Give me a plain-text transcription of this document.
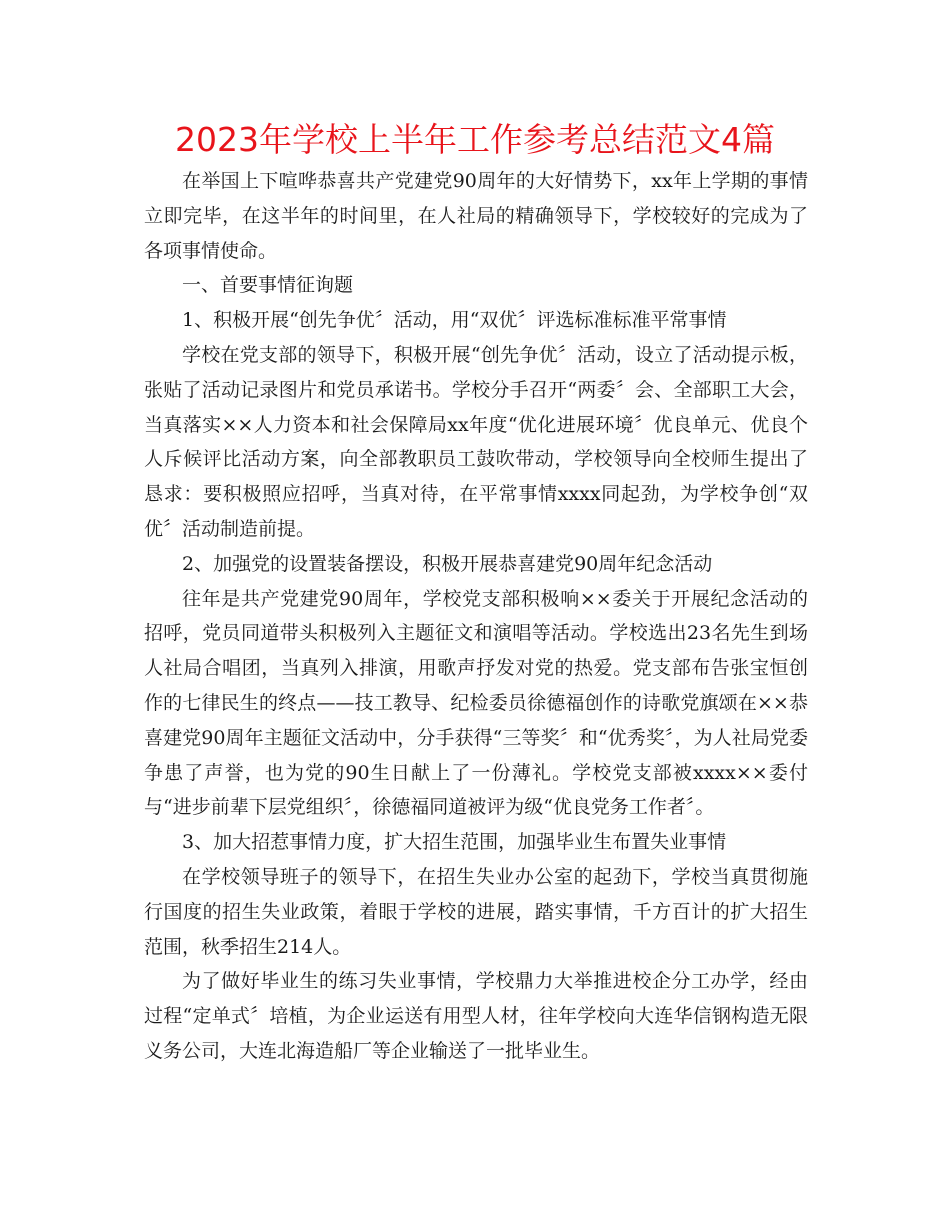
2023年学校上半年工作参考总结范文4篇

在举国上下喧哗恭喜共产党建党90周年的大好情势下，xx年上学期的事情立即完毕，在这半年的时间里，在人社局的精确领导下，学校较好的完成为了各项事情使命。

一、首要事情征询题

1、积极开展“创先争优〞活动，用“双优〞评选标准标准平常事情

学校在党支部的领导下，积极开展“创先争优〞活动，设立了活动提示板，张贴了活动记录图片和党员承诺书。学校分手召开“两委〞会、全部职工大会，当真落实××人力资本和社会保障局xx年度“优化进展环境〞优良单元、优良个人斥候评比活动方案，向全部教职员工鼓吹带动，学校领导向全校师生提出了恳求：要积极照应招呼，当真对待，在平常事情xxxx同起劲，为学校争创“双优〞活动制造前提。

2、加强党的设置装备摆设，积极开展恭喜建党90周年纪念活动

往年是共产党建党90周年，学校党支部积极响××委关于开展纪念活动的招呼，党员同道带头积极列入主题征文和演唱等活动。学校选出23名先生到场人社局合唱团，当真列入排演，用歌声抒发对党的热爱。党支部布告张宝恒创作的七律民生的终点——技工教导、纪检委员徐德福创作的诗歌党旗颂在××恭喜建党90周年主题征文活动中，分手获得“三等奖〞和“优秀奖〞，为人社局党委争患了声誉，也为党的90生日献上了一份薄礼。学校党支部被xxxx××委付与“进步前辈下层党组织〞，徐德福同道被评为级“优良党务工作者〞。

3、加大招惹事情力度，扩大招生范围，加强毕业生布置失业事情

在学校领导班子的领导下，在招生失业办公室的起劲下，学校当真贯彻施行国度的招生失业政策，着眼于学校的进展，踏实事情，千方百计的扩大招生范围，秋季招生214人。

为了做好毕业生的练习失业事情，学校鼎力大举推进校企分工办学，经由过程“定单式〞培植，为企业运送有用型人材，往年学校向大连华信钢构造无限义务公司，大连北海造船厂等企业输送了一批毕业生。
